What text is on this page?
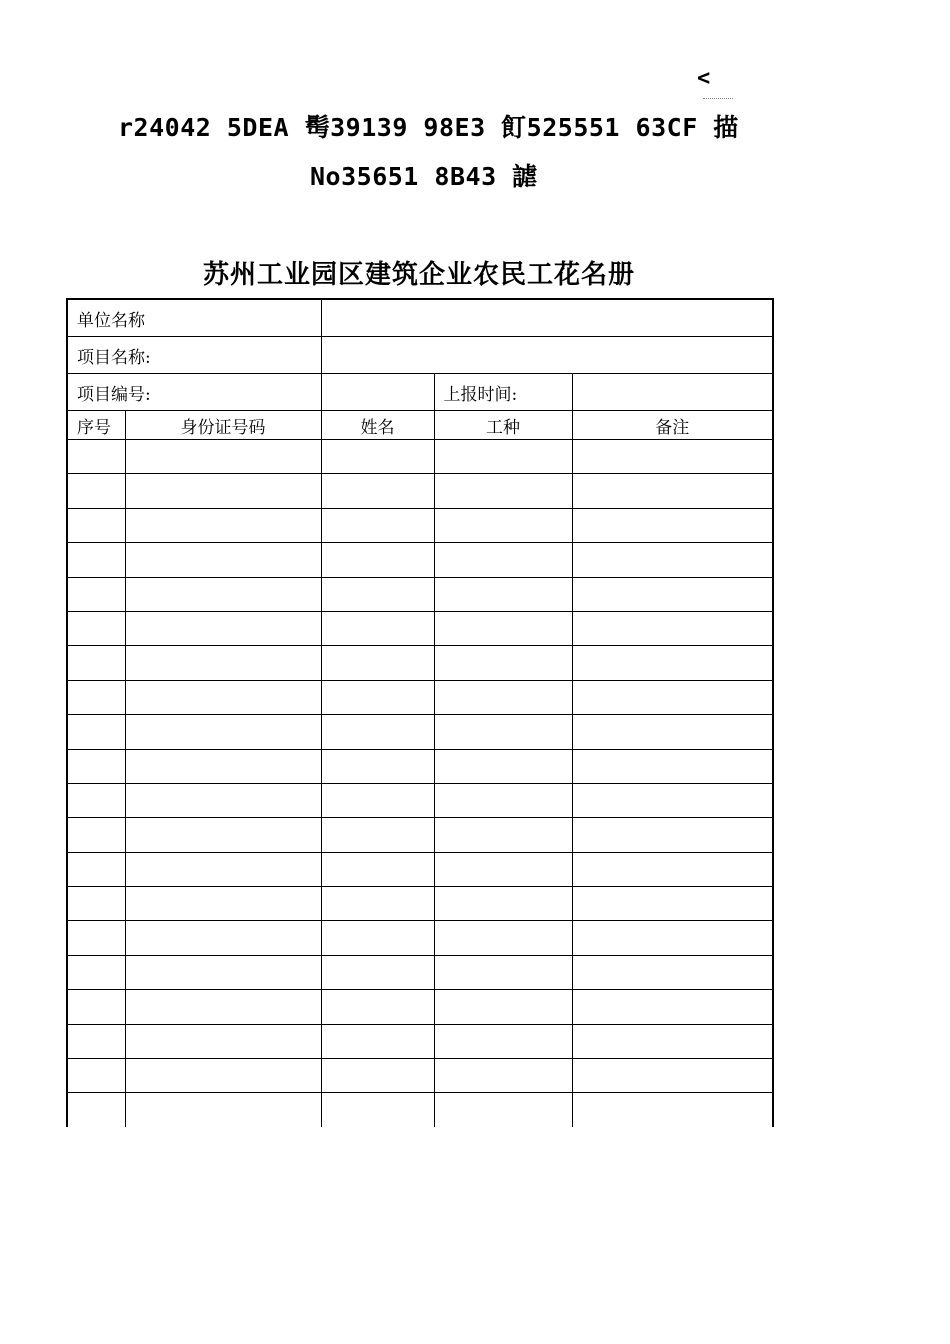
<
r24042 5DEA 髩39139 98E3 飣525551 63CF 描
No35651 8B43 謔
苏州工业园区建筑企业农民工花名册
单位名称				
项目名称:				
项目编号:			上报时间:	
序号	身份证号码	姓名	工种	备注
